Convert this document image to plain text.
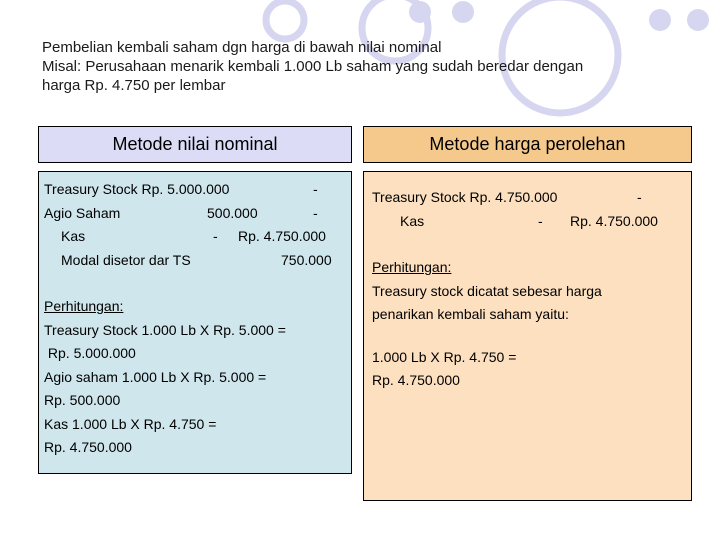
Pembelian kembali saham dgn harga di bawah nilai nominal
Misal: Perusahaan menarik kembali 1.000 Lb saham yang sudah beredar dengan
harga Rp. 4.750 per lembar
Metode nilai nominal	Metode harga perolehan
Treasury Stock Rp. 5.000.000	-
Agio Saham	500.000	-
Kas	- Rp. 4.750.000
Modal disetor dar TS	750.000
Perhitungan:
Treasury Stock 1.000 Lb X Rp. 5.000 =
Rp. 5.000.000
Agio saham 1.000 Lb X Rp. 5.000 =
Rp. 500.000
Kas 1.000 Lb X Rp. 4.750 =
Rp. 4.750.000
Treasury Stock Rp. 4.750.000	-
Kas	- Rp. 4.750.000
Perhitungan:
Treasury stock dicatat sebesar harga
penarikan kembali saham yaitu:
1.000 Lb X Rp. 4.750 =
Rp. 4.750.000
